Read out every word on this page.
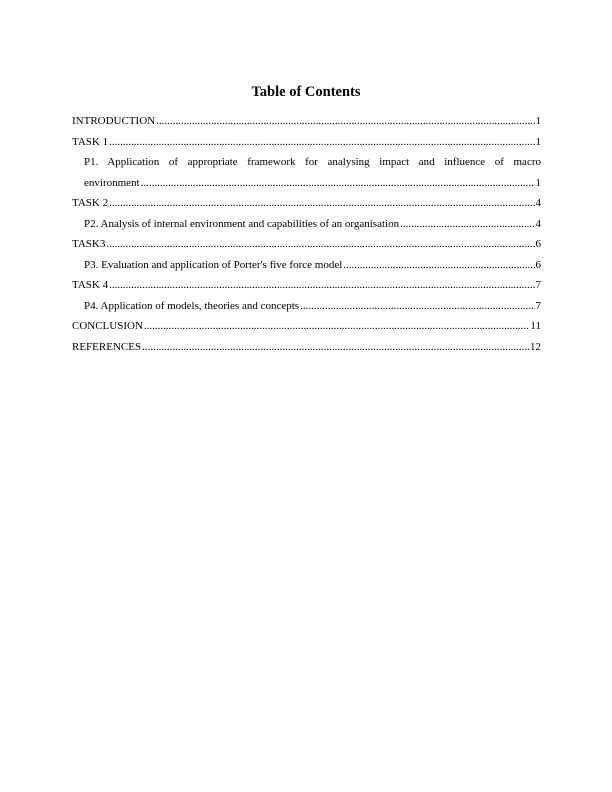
Table of Contents
INTRODUCTION .....	1
TASK 1 .....	1
P1. Application of appropriate framework for analysing impact and influence of macro
environment .....	1
TASK 2 .....	4
P2. Analysis of internal environment and capabilities of an organisation .....	4
TASK3 .....	6
P3. Evaluation and application of Porter's five force model .....	6
TASK 4 .....	7
P4. Application of models, theories and concepts .....	7
CONCLUSION .....	11
REFERENCES .....	12
